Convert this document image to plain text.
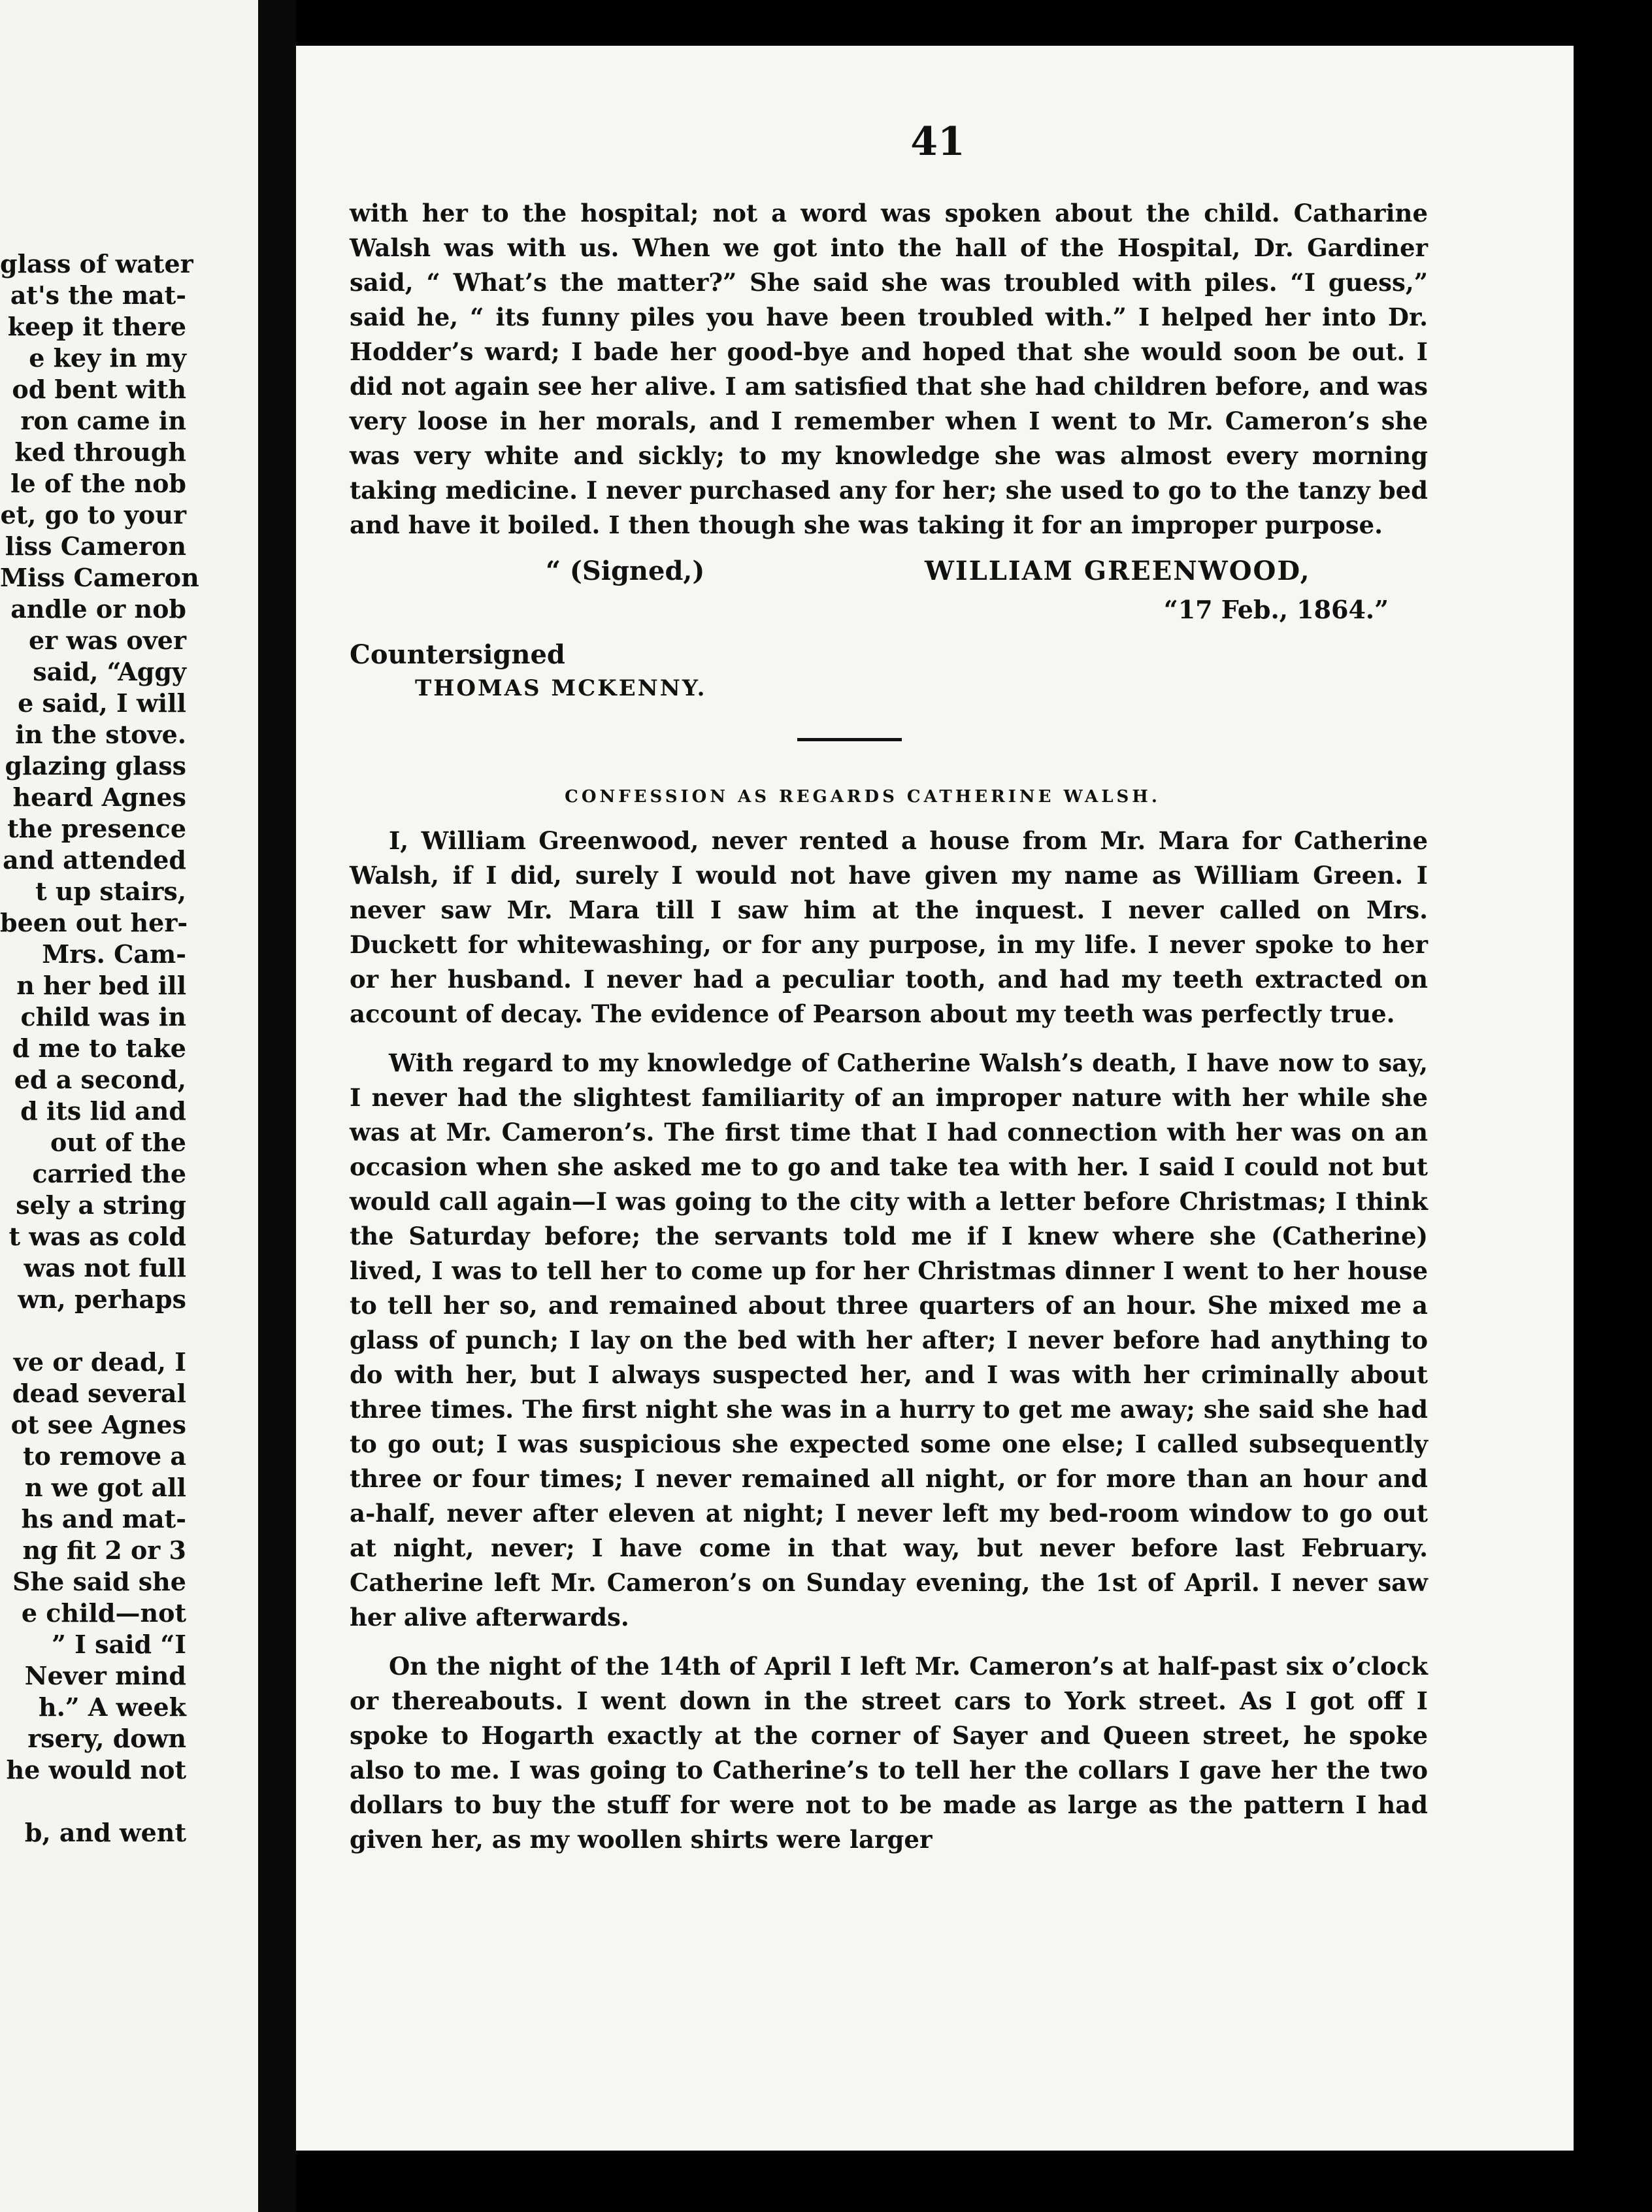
glass of water
at's the mat-
keep it there
e key in my
od bent with
ron came in
ked through
le of the nob
et, go to your
liss Cameron
Miss Cameron
andle or nob
er was over
said, “Aggy
e said, I will
in the stove.
glazing glass
heard Agnes
the presence
and attended
t up stairs,
been out her-
Mrs. Cam-
n her bed ill
child was in
d me to take
ed a second,
d its lid and
out of the
carried the
sely a string
t was as cold
was not full
wn, perhaps

ve or dead, I
dead several
ot see Agnes
to remove a
n we got all
hs and mat-
ng fit 2 or 3
She said she
e child—not
” I said “I
Never mind
h.” A week
rsery, down
he would not

b, and went
41

with her to the hospital; not a word was spoken about the child. Catharine Walsh was with us. When we got into the hall of the Hospital, Dr. Gardiner said, “ What’s the matter?” She said she was troubled with piles. “I guess,” said he, “ its funny piles you have been troubled with.” I helped her into Dr. Hodder’s ward; I bade her good-bye and hoped that she would soon be out. I did not again see her alive. I am satisfied that she had children before, and was very loose in her morals, and I remember when I went to Mr. Cameron’s she was very white and sickly; to my knowledge she was almost every morning taking medicine. I never purchased any for her; she used to go to the tanzy bed and have it boiled. I then though she was taking it for an improper purpose.

“ (Signed,)	WILLIAM GREENWOOD,
“17 Feb., 1864.”
Countersigned
THOMAS MCKENNY.
CONFESSION AS REGARDS CATHERINE WALSH.

I, William Greenwood, never rented a house from Mr. Mara for Catherine Walsh, if I did, surely I would not have given my name as William Green. I never saw Mr. Mara till I saw him at the inquest. I never called on Mrs. Duckett for whitewashing, or for any purpose, in my life. I never spoke to her or her husband. I never had a peculiar tooth, and had my teeth extracted on account of decay. The evidence of Pearson about my teeth was perfectly true.

With regard to my knowledge of Catherine Walsh’s death, I have now to say, I never had the slightest familiarity of an improper nature with her while she was at Mr. Cameron’s. The first time that I had connection with her was on an occasion when she asked me to go and take tea with her. I said I could not but would call again—I was going to the city with a letter before Christmas; I think the Saturday before; the servants told me if I knew where she (Catherine) lived, I was to tell her to come up for her Christmas dinner I went to her house to tell her so, and remained about three quarters of an hour. She mixed me a glass of punch; I lay on the bed with her after; I never before had anything to do with her, but I always suspected her, and I was with her criminally about three times. The first night she was in a hurry to get me away; she said she had to go out; I was suspicious she expected some one else; I called subsequently three or four times; I never remained all night, or for more than an hour and a-half, never after eleven at night; I never left my bed-room window to go out at night, never; I have come in that way, but never before last February. Catherine left Mr. Cameron’s on Sunday evening, the 1st of April. I never saw her alive afterwards.

On the night of the 14th of April I left Mr. Cameron’s at half-past six o’clock or thereabouts. I went down in the street cars to York street. As I got off I spoke to Hogarth exactly at the corner of Sayer and Queen street, he spoke also to me. I was going to Catherine’s to tell her the collars I gave her the two dollars to buy the stuff for were not to be made as large as the pattern I had given her, as my woollen shirts were larger
